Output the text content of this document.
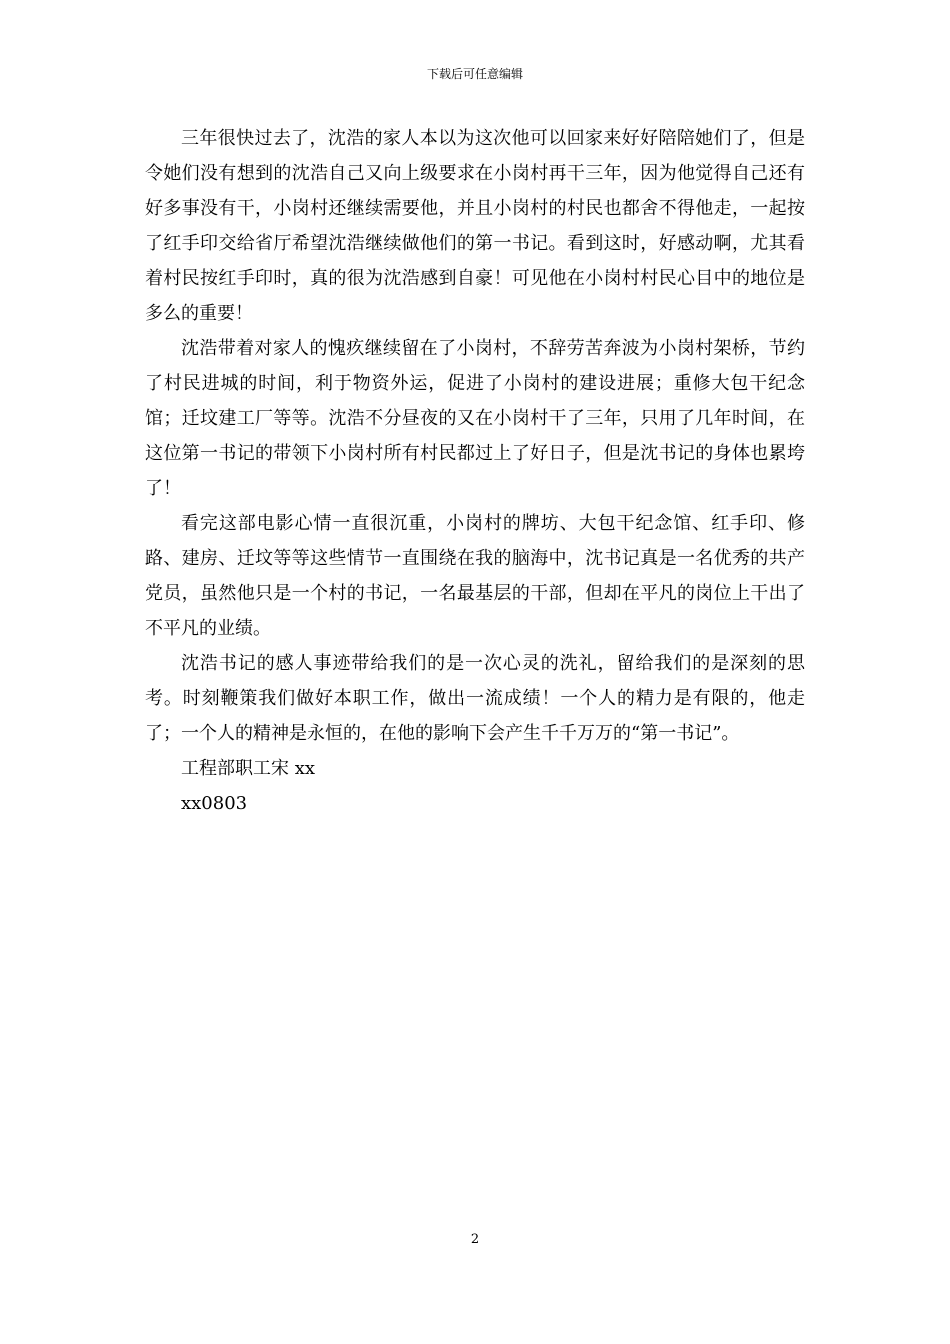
下载后可任意编辑

三年很快过去了，沈浩的家人本以为这次他可以回家来好好陪陪她们了，但是令她们没有想到的沈浩自己又向上级要求在小岗村再干三年，因为他觉得自己还有好多事没有干，小岗村还继续需要他，并且小岗村的村民也都舍不得他走，一起按了红手印交给省厅希望沈浩继续做他们的第一书记。看到这时，好感动啊，尤其看着村民按红手印时，真的很为沈浩感到自豪！可见他在小岗村村民心目中的地位是多么的重要！

沈浩带着对家人的愧疚继续留在了小岗村，不辞劳苦奔波为小岗村架桥，节约了村民进城的时间，利于物资外运，促进了小岗村的建设进展；重修大包干纪念馆；迁坟建工厂等等。沈浩不分昼夜的又在小岗村干了三年，只用了几年时间，在这位第一书记的带领下小岗村所有村民都过上了好日子，但是沈书记的身体也累垮了！

看完这部电影心情一直很沉重，小岗村的牌坊、大包干纪念馆、红手印、修路、建房、迁坟等等这些情节一直围绕在我的脑海中，沈书记真是一名优秀的共产党员，虽然他只是一个村的书记，一名最基层的干部，但却在平凡的岗位上干出了不平凡的业绩。

沈浩书记的感人事迹带给我们的是一次心灵的洗礼，留给我们的是深刻的思考。时刻鞭策我们做好本职工作，做出一流成绩！一个人的精力是有限的，他走了；一个人的精神是永恒的，在他的影响下会产生千千万万的“第一书记”。

工程部职工宋 xx

xx0803

2
